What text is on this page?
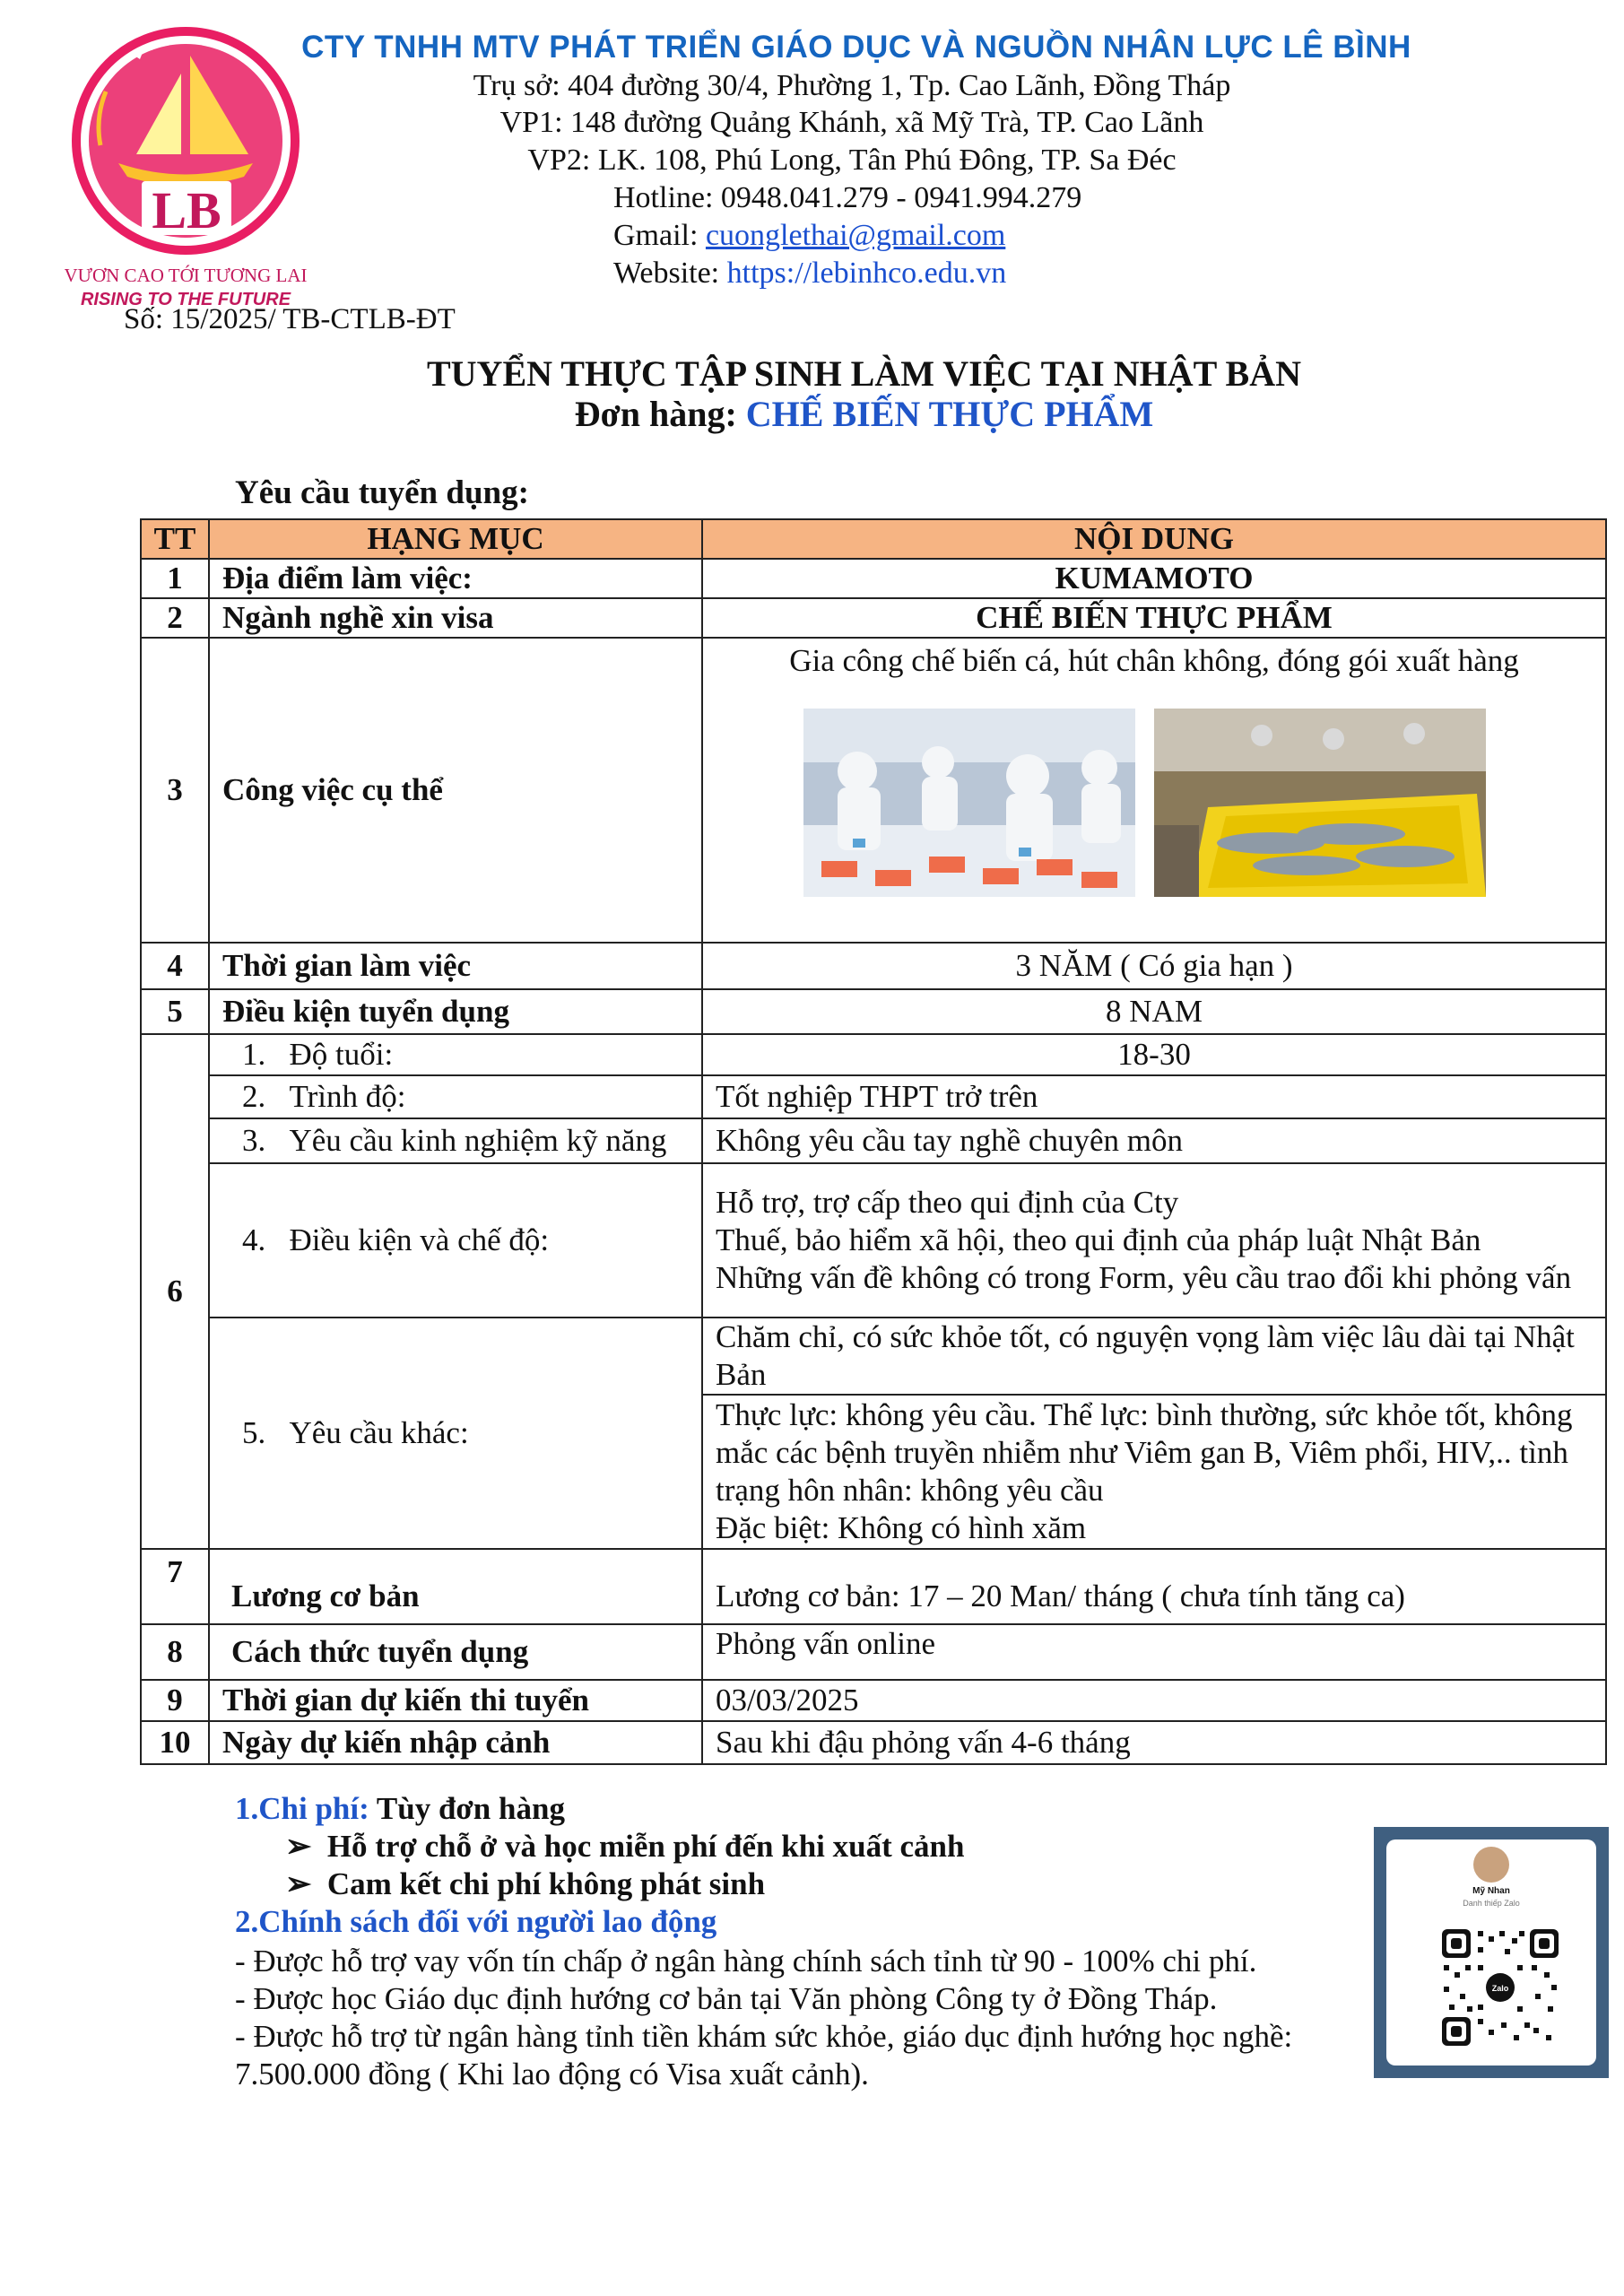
LB
VƯƠN CAO TỚI TƯƠNG LAI
RISING TO THE FUTURE
CTY TNHH MTV PHÁT TRIỂN GIÁO DỤC VÀ NGUỒN NHÂN LỰC LÊ BÌNH
Trụ sở: 404 đường 30/4, Phường 1, Tp. Cao Lãnh, Đồng Tháp
VP1: 148 đường Quảng Khánh, xã Mỹ Trà, TP. Cao Lãnh
VP2: LK. 108, Phú Long, Tân Phú Đông, TP. Sa Đéc
Hotline: 0948.041.279 - 0941.994.279
Gmail: cuonglethai@gmail.com
Website: https://lebinhco.edu.vn
Số: 15/2025/ TB-CTLB-ĐT
TUYỂN THỰC TẬP SINH LÀM VIỆC TẠI NHẬT BẢN
Đơn hàng: CHẾ BIẾN THỰC PHẨM
Yêu cầu tuyển dụng:
TT	HẠNG MỤC	NỘI DUNG
1	Địa điểm làm việc:	KUMAMOTO
2	Ngành nghề xin visa	CHẾ BIẾN THỰC PHẨM
3	Công việc cụ thể	Gia công chế biến cá, hút chân không, đóng gói xuất hàng

4	Thời gian làm việc	3 NĂM ( Có gia hạn )
5	Điều kiện tuyển dụng	8 NAM
6	1. Độ tuổi:	18-30
	2. Trình độ:	Tốt nghiệp THPT trở trên
	3. Yêu cầu kinh nghiệm kỹ năng	Không yêu cầu tay nghề chuyên môn
	4. Điều kiện và chế độ:	Hỗ trợ, trợ cấp theo qui định của Cty
Thuế, bảo hiểm xã hội, theo qui định của pháp luật Nhật Bản
Những vấn đề không có trong Form, yêu cầu trao đổi khi phỏng vấn

	5. Yêu cầu khác:	Chăm chỉ, có sức khỏe tốt, có nguyện vọng làm việc lâu dài tại Nhật Bản

		Thực lực: không yêu cầu. Thể lực: bình thường, sức khỏe tốt, không mắc các bệnh truyền nhiễm như Viêm gan B, Viêm phổi, HIV,.. tình trạng hôn nhân: không yêu cầu
Đặc biệt: Không có hình xăm

7	Lương cơ bản	Lương cơ bản: 17 – 20 Man/ tháng ( chưa tính tăng ca)
8	Cách thức tuyển dụng	Phỏng vấn online
9	Thời gian dự kiến thi tuyển	03/03/2025
10	Ngày dự kiến nhập cảnh	Sau khi đậu phỏng vấn 4-6 tháng
1.Chi phí: Tùy đơn hàng
➢ Hỗ trợ chỗ ở và học miễn phí đến khi xuất cảnh
➢ Cam kết chi phí không phát sinh
2.Chính sách đối với người lao động
- Được hỗ trợ vay vốn tín chấp ở ngân hàng chính sách tỉnh từ 90 - 100% chi phí.
- Được học Giáo dục định hướng cơ bản tại Văn phòng Công ty ở Đồng Tháp.
- Được hỗ trợ từ ngân hàng tỉnh tiền khám sức khỏe, giáo dục định hướng học nghề:
7.500.000 đồng ( Khi lao động có Visa xuất cảnh).
Mỹ Nhan
Danh thiếp Zalo
Zalo
